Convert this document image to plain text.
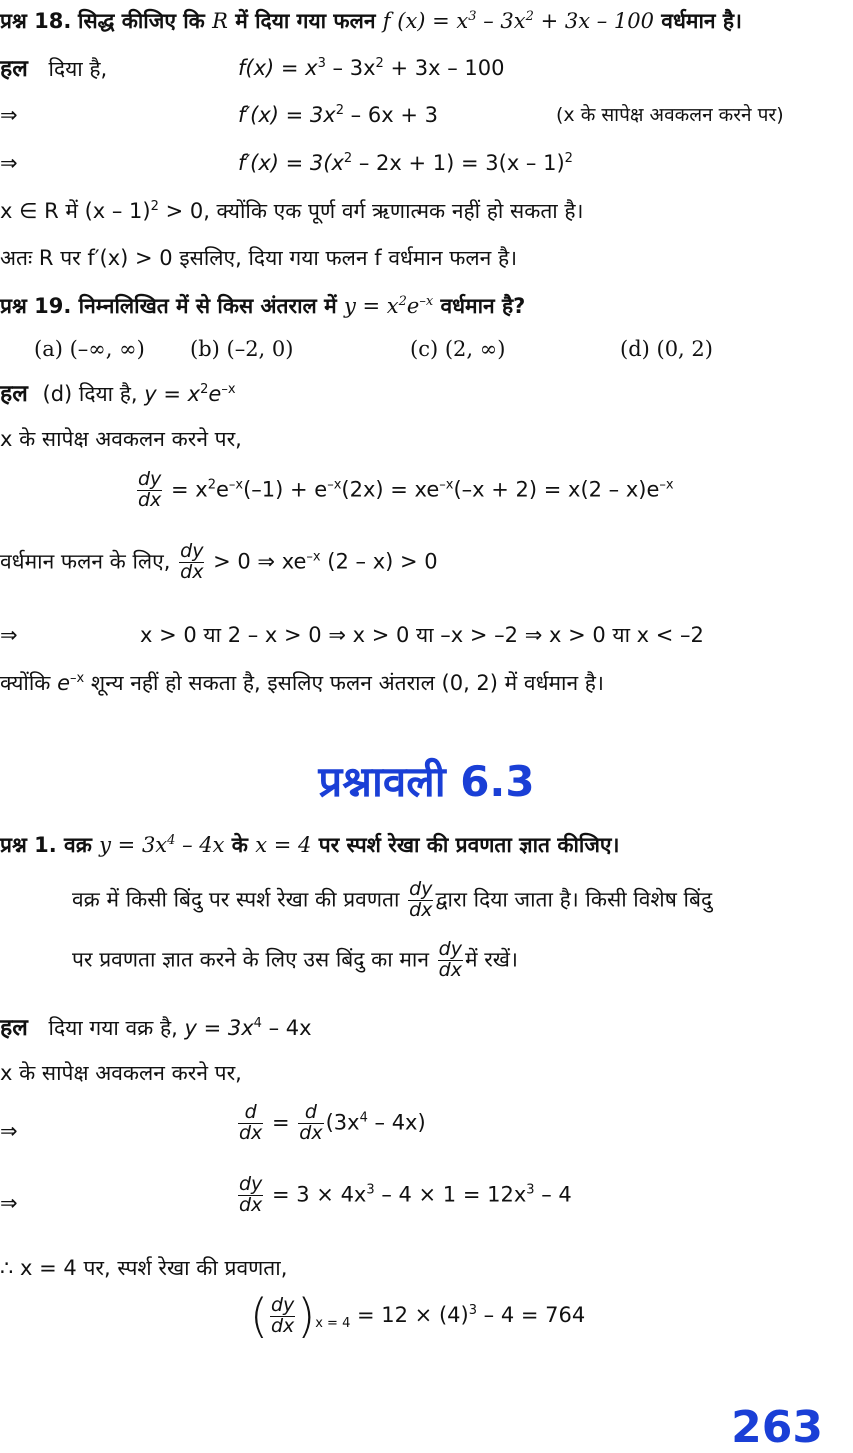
प्रश्न 18. सिद्ध कीजिए कि R में दिया गया फलन f $(x) = x^3 - 3x^2 + 3x - 100$ वर्धमान है।
हल दिया है,	$f(x) = x^3 - 3x^2 + 3x - 100$
⇒	$f'(x) = 3x^2 - 6x + 3$	(x के सापेक्ष अवकलन करने पर)
⇒	$f'(x) = 3(x^2 - 2x + 1) = 3(x - 1)^2$
x ∈ R में (x – 1)$^2$ > 0, क्योंकि एक पूर्ण वर्ग ऋणात्मक नहीं हो सकता है।
अतः R पर f′(x) > 0 इसलिए, दिया गया फलन f वर्धमान फलन है।
प्रश्न 19. निम्नलिखित में से किस अंतराल में $y = x^2e^{-x}$ वर्धमान है?
(a) (–∞, ∞) (b) (–2, 0)	(c) (2, ∞)	(d) (0, 2)
हल (d) दिया है, $y = x^2e^{-x}$
x के सापेक्ष अवकलन करने पर,
$\frac{dy}{dx} = x^2e^{-x}(-1) + e^{-x}(2x) = xe^{-x}(-x + 2) = x(2 - x)e^{-x}$
वर्धमान फलन के लिए, $\frac{dy}{dx} > 0$ ⇒ $xe^{-x}$ (2 – x) > 0
⇒	x > 0 या 2 – x > 0 ⇒ x > 0 या –x > –2 ⇒ x > 0 या x < –2
क्योंकि $e^{-x}$ शून्य नहीं हो सकता है, इसलिए फलन अंतराल (0, 2) में वर्धमान है।
प्रश्नावली 6.3
प्रश्न 1. वक्र $y = 3x^4 - 4x$ के x = 4 पर स्पर्श रेखा की प्रवणता ज्ञात कीजिए।
वक्र में किसी बिंदु पर स्पर्श रेखा की प्रवणता $\frac{dy}{dx}$ द्वारा दिया जाता है। किसी विशेष बिंदु
पर प्रवणता ज्ञात करने के लिए उस बिंदु का मान $\frac{dy}{dx}$ में रखें।
हल दिया गया वक्र है, $y = 3x^4 - 4x$
x के सापेक्ष अवकलन करने पर,
⇒	$\frac{d}{dx} = \frac{d}{dx} (3x^4 - 4x)$
⇒	$\frac{dy}{dx} = 3 \times 4x^3 - 4 \times 1 = 12x^3 - 4$
∴ x = 4 पर, स्पर्श रेखा की प्रवणता,
( $\frac{dy}{dx} )_{x = 4} = 12 \times (4)^3 - 4 = 764$
263
